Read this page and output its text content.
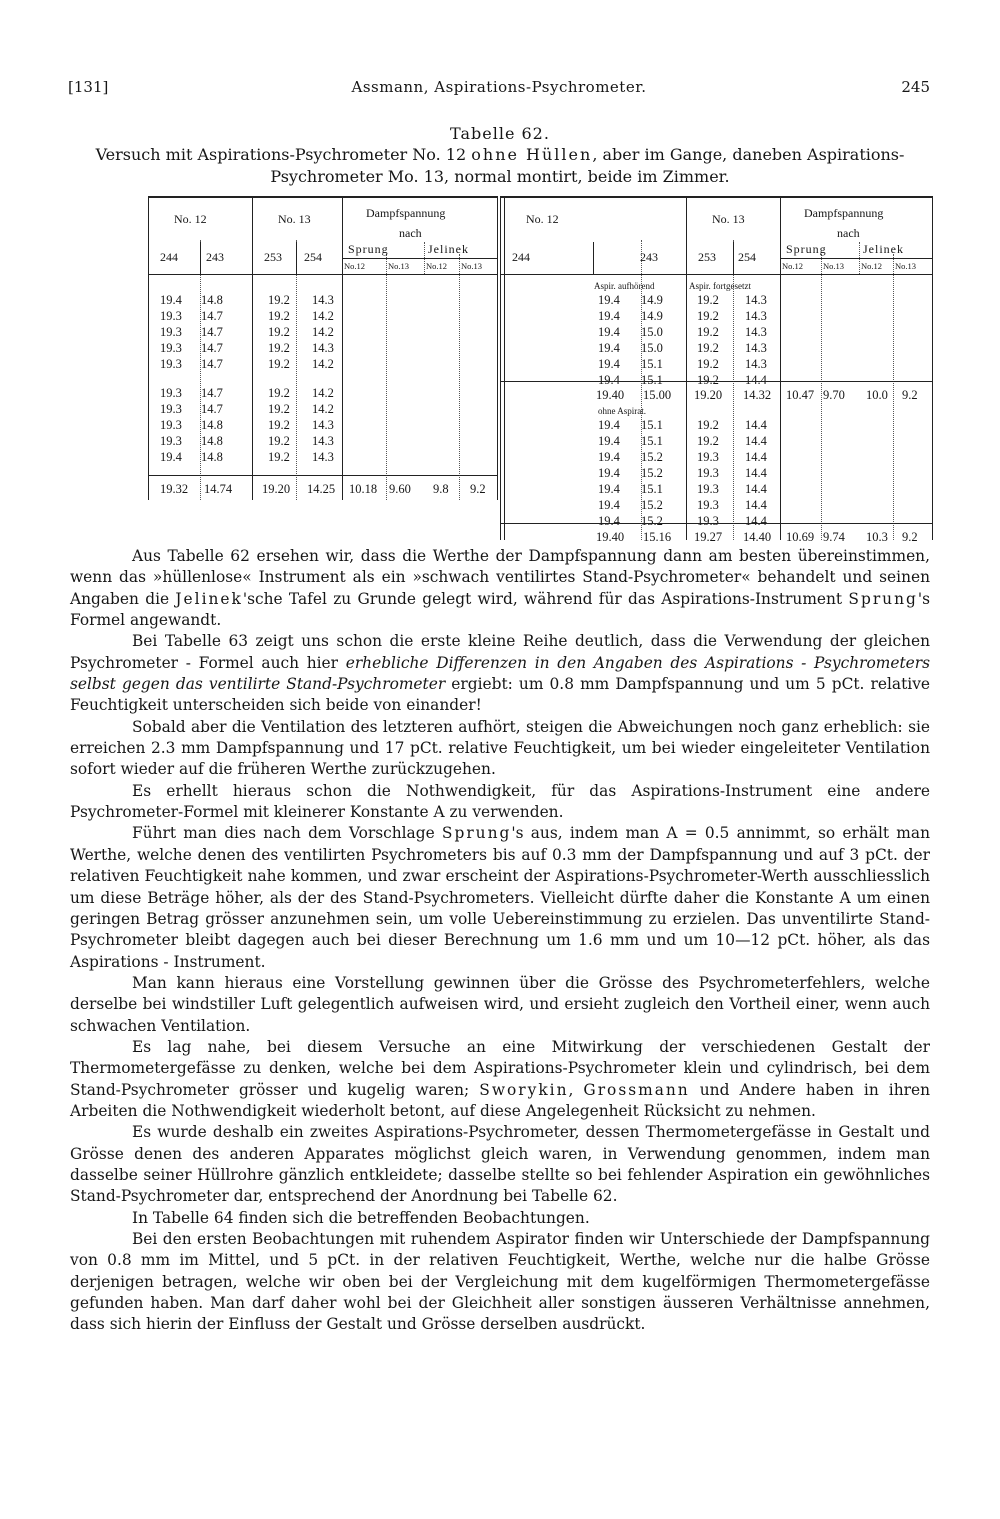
[131]	Assmann, Aspirations-Psychrometer.	245
Tabelle 62.
Versuch mit Aspirations-Psychrometer No. 12 ohne Hüllen, aber im Gange, daneben Aspirations-
Psychrometer Mo. 13, normal montirt, beide im Zimmer.
No. 12	No. 13	Dampfspannung
nach
Sprung	Jelinek
244 243	253 254
No.12	No.13 No.12 No.13
19.4 14.8	19.2 14.3
19.3 14.7	19.2 14.2
19.3 14.7	19.2 14.2
19.3 14.7	19.2 14.3
19.3 14.7	19.2 14.2
19.3 14.7	19.2 14.2
19.3 14.7	19.2 14.2
19.3 14.8	19.2 14.3
19.3 14.8	19.2 14.3
19.4 14.8	19.2 14.3
19.32 14.74 19.20 14.25 10.18 9.60 9.8 9.2
No. 12	No. 13	Dampfspannung
nach
Sprung	Jelinek
244	243	253 254
No.12 No.13 No.12 No.13
Aspir. aufhörend	Aspir. fortgesetzt
19.4 14.9	19.2 14.3
19.4 14.9	19.2 14.3
19.4 15.0	19.2 14.3
19.4 15.0	19.2 14.3
19.4 15.1	19.2 14.3
19.4 15.1	19.2 14.4
19.40 15.00 19.20 14.32 10.47 9.70 10.0 9.2
ohne Aspirat.
19.4 15.1	19.2 14.4
19.4 15.1	19.2 14.4
19.4 15.2	19.3 14.4
19.4 15.2	19.3 14.4
19.4 15.1	19.3 14.4
19.4 15.2	19.3 14.4
19.4 15.2	19.3 14.4
19.40 15.16 19.27 14.40 10.69 9.74 10.3 9.2

Aus Tabelle 62 ersehen wir, dass die Werthe der Dampfspannung dann am besten übereinstimmen, wenn das »hüllenlose« Instrument als ein »schwach ventilirtes Stand-Psychrometer« behandelt und seinen Angaben die Jelinek'sche Tafel zu Grunde gelegt wird, während für das Aspirations-Instrument Sprung's Formel angewandt.

Bei Tabelle 63 zeigt uns schon die erste kleine Reihe deutlich, dass die Verwendung der gleichen Psychrometer - Formel auch hier erhebliche Differenzen in den Angaben des Aspirations - Psychrometers selbst gegen das ventilirte Stand-Psychrometer ergiebt: um 0.8 mm Dampfspannung und um 5 pCt. relative Feuchtigkeit unterscheiden sich beide von einander!

Sobald aber die Ventilation des letzteren aufhört, steigen die Abweichungen noch ganz erheblich: sie erreichen 2.3 mm Dampfspannung und 17 pCt. relative Feuchtigkeit, um bei wieder eingeleiteter Ventilation sofort wieder auf die früheren Werthe zurückzugehen.

Es erhellt hieraus schon die Nothwendigkeit, für das Aspirations-Instrument eine andere Psychrometer-Formel mit kleinerer Konstante A zu verwenden.

Führt man dies nach dem Vorschlage Sprung's aus, indem man A = 0.5 annimmt, so erhält man Werthe, welche denen des ventilirten Psychrometers bis auf 0.3 mm der Dampfspannung und auf 3 pCt. der relativen Feuchtigkeit nahe kommen, und zwar erscheint der Aspirations-Psychrometer-Werth ausschliesslich um diese Beträge höher, als der des Stand-Psychrometers. Vielleicht dürfte daher die Konstante A um einen geringen Betrag grösser anzunehmen sein, um volle Uebereinstimmung zu erzielen. Das unventilirte Stand-Psychrometer bleibt dagegen auch bei dieser Berechnung um 1.6 mm und um 10—12 pCt. höher, als das Aspirations - Instrument.

Man kann hieraus eine Vorstellung gewinnen über die Grösse des Psychrometerfehlers, welche derselbe bei windstiller Luft gelegentlich aufweisen wird, und ersieht zugleich den Vortheil einer, wenn auch schwachen Ventilation.

Es lag nahe, bei diesem Versuche an eine Mitwirkung der verschiedenen Gestalt der Thermometergefässe zu denken, welche bei dem Aspirations-Psychrometer klein und cylindrisch, bei dem Stand-Psychrometer grösser und kugelig waren; Sworykin, Grossmann und Andere haben in ihren Arbeiten die Nothwendigkeit wiederholt betont, auf diese Angelegenheit Rücksicht zu nehmen.

Es wurde deshalb ein zweites Aspirations-Psychrometer, dessen Thermometergefässe in Gestalt und Grösse denen des anderen Apparates möglichst gleich waren, in Verwendung genommen, indem man dasselbe seiner Hüllrohre gänzlich entkleidete; dasselbe stellte so bei fehlender Aspiration ein gewöhnliches Stand-Psychrometer dar, entsprechend der Anordnung bei Tabelle 62.

In Tabelle 64 finden sich die betreffenden Beobachtungen.

Bei den ersten Beobachtungen mit ruhendem Aspirator finden wir Unterschiede der Dampfspannung von 0.8 mm im Mittel, und 5 pCt. in der relativen Feuchtigkeit, Werthe, welche nur die halbe Grösse derjenigen betragen, welche wir oben bei der Vergleichung mit dem kugelförmigen Thermometergefässe gefunden haben. Man darf daher wohl bei der Gleichheit aller sonstigen äusseren Verhältnisse annehmen, dass sich hierin der Einfluss der Gestalt und Grösse derselben ausdrückt.
